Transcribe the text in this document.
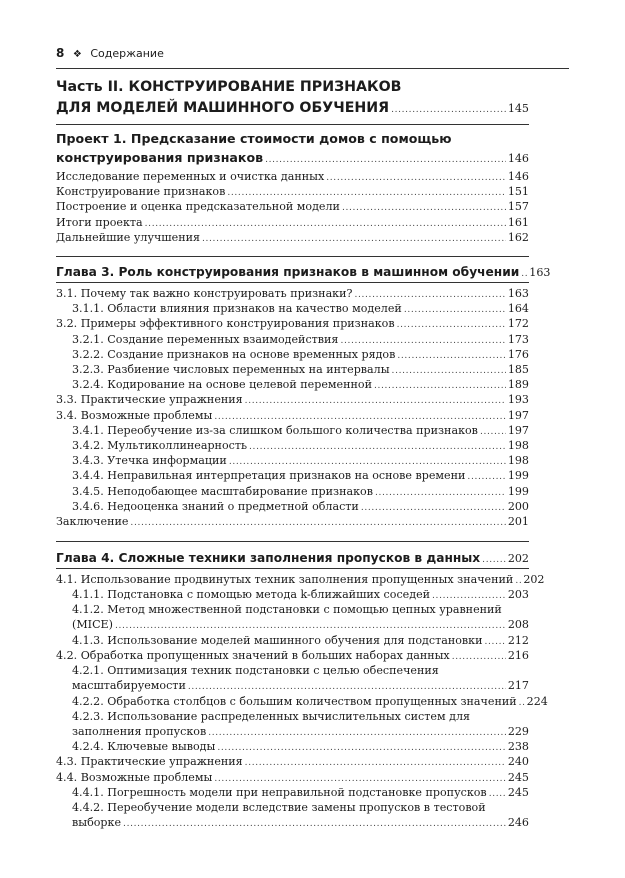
8 ❖ Содержание
Часть II. КОНСТРУИРОВАНИЕ ПРИЗНАКОВ
ДЛЯ МОДЕЛЕЙ МАШИННОГО ОБУЧЕНИЯ . . .	145
Проект 1. Предсказание стоимости домов с помощью
конструирования признаков . . .	146
Исследование переменных и очистка данных . . .	146
Конструирование признаков . . .	151
Построение и оценка предсказательной модели . . .	157
Итоги проекта . . .	161
Дальнейшие улучшения . . .	162
Глава 3. Роль конструирования признаков в машинном обучении . . . 163
3.1. Почему так важно конструировать признаки? . . .	163
3.1.1. Области влияния признаков на качество моделей . . .	164
3.2. Примеры эффективного конструирования признаков . . .	172
3.2.1. Создание переменных взаимодействия . . .	173
3.2.2. Создание признаков на основе временных рядов . . .	176
3.2.3. Разбиение числовых переменных на интервалы . . .	185
3.2.4. Кодирование на основе целевой переменной . . .	189
3.3. Практические упражнения . . .	193
3.4. Возможные проблемы . . .	197
3.4.1. Переобучение из-за слишком большого количества признаков . . .	197
3.4.2. Мультиколлинеарность . . .	198
3.4.3. Утечка информации . . .	198
3.4.4. Неправильная интерпретация признаков на основе времени . . .	199
3.4.5. Неподобающее масштабирование признаков . . .	199
3.4.6. Недооценка знаний о предметной области . . .	200
Заключение . . .	201
Глава 4. Сложные техники заполнения пропусков в данных . . . 202
4.1. Использование продвинутых техник заполнения пропущенных значений . . . 202
4.1.1. Подстановка с помощью метода k-ближайших соседей . . .	203
4.1.2. Метод множественной подстановки с помощью цепных уравнений
(MICE) . . .	208
4.1.3. Использование моделей машинного обучения для подстановки . . . 212
4.2. Обработка пропущенных значений в больших наборах данных . . .	216
4.2.1. Оптимизация техник подстановки с целью обеспечения
масштабируемости . . .	217
4.2.2. Обработка столбцов с большим количеством пропущенных значений . . . 224
4.2.3. Использование распределенных вычислительных систем для
заполнения пропусков . . .	229
4.2.4. Ключевые выводы . . .	238
4.3. Практические упражнения . . .	240
4.4. Возможные проблемы . . .	245
4.4.1. Погрешность модели при неправильной подстановке пропусков . . . 245
4.4.2. Переобучение модели вследствие замены пропусков в тестовой
выборке . . .	246
